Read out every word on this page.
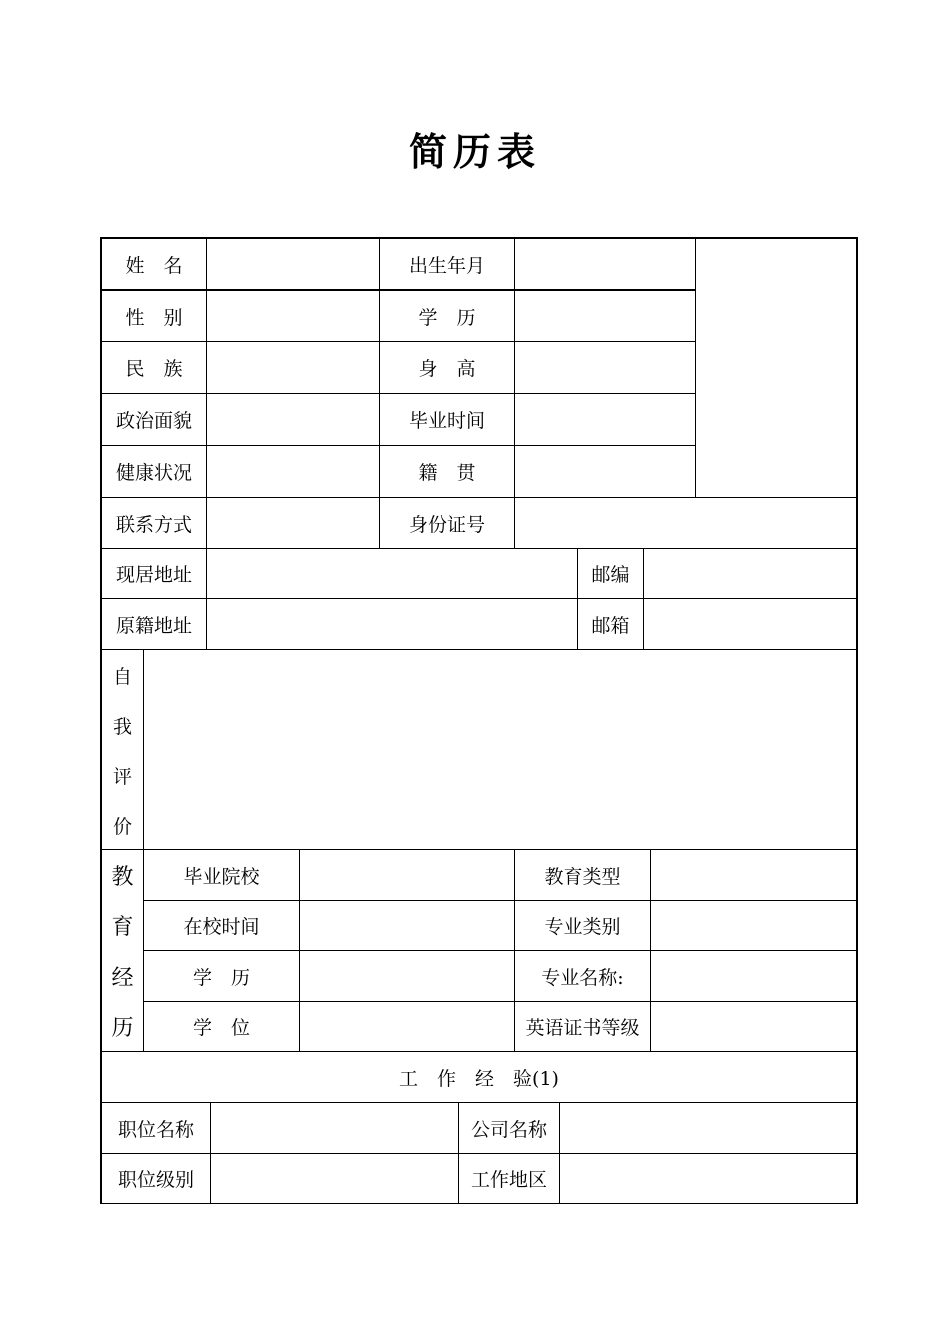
简历表
姓　名	出生年月
性　别	学　历
民　族	身　高
政治面貌	毕业时间
健康状况	籍　贯
联系方式	身份证号
现居地址	邮编
原籍地址	邮箱
自
我
评
价
教
育
经
历
毕业院校	教育类型
在校时间	专业类别
学　历	专业名称:
学　位	英语证书等级
工　作　经　验(1)
职位名称	公司名称
职位级别	工作地区
